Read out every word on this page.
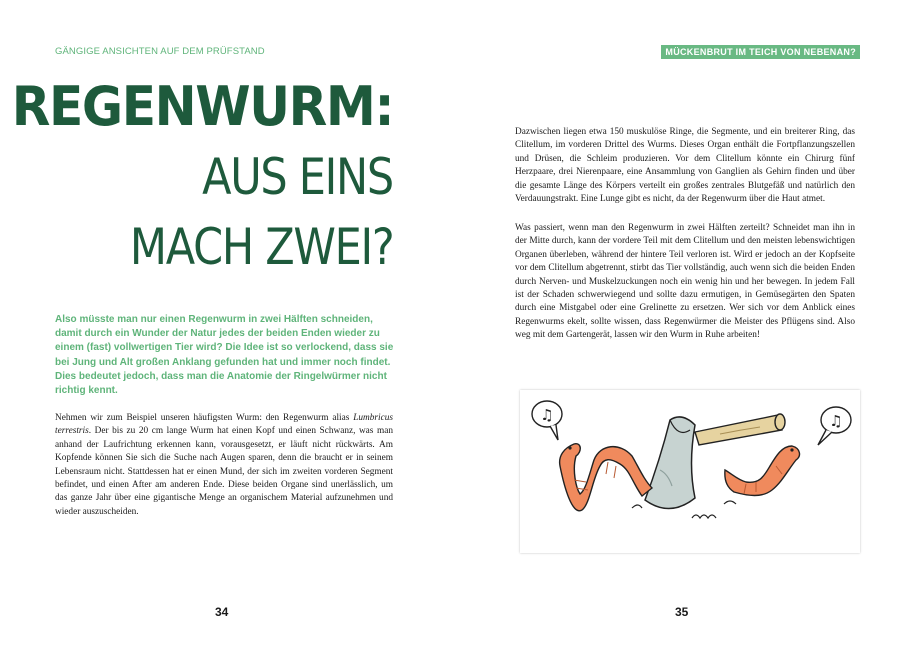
GÄNGIGE ANSICHTEN AUF DEM PRÜFSTAND
REGENWURM:
AUS EINS
MACH ZWEI?

Also müsste man nur einen Regenwurm in zwei Hälften schneiden, damit durch ein Wunder der Natur jedes der beiden Enden wieder zu einem (fast) vollwertigen Tier wird? Die Idee ist so verlockend, dass sie bei Jung und Alt großen Anklang gefunden hat und immer noch findet. Dies bedeutet jedoch, dass man die Anatomie der Ringelwürmer nicht richtig kennt.

Nehmen wir zum Beispiel unseren häufigsten Wurm: den Regenwurm alias Lumbricus terrestris. Der bis zu 20 cm lange Wurm hat einen Kopf und einen Schwanz, was man anhand der Laufrichtung erkennen kann, vorausgesetzt, er läuft nicht rückwärts. Am Kopfende können Sie sich die Suche nach Augen sparen, denn die braucht er in seinem Lebensraum nicht. Stattdessen hat er einen Mund, der sich im zweiten vorderen Segment befindet, und einen After am anderen Ende. Diese beiden Organe sind unerlässlich, um das ganze Jahr über eine gigantische Menge an organischem Material aufzunehmen und wieder auszuscheiden.

34
MÜCKENBRUT IM TEICH VON NEBENAN?

Dazwischen liegen etwa 150 muskulöse Ringe, die Segmente, und ein breiterer Ring, das Clitellum, im vorderen Drittel des Wurms. Dieses Organ enthält die Fortpflanzungszellen und Drüsen, die Schleim produzieren. Vor dem Clitellum könnte ein Chirurg fünf Herzpaare, drei Nierenpaare, eine Ansammlung von Ganglien als Gehirn finden und über die gesamte Länge des Körpers verteilt ein großes zentrales Blutgefäß und natürlich den Verdauungstrakt. Eine Lunge gibt es nicht, da der Regenwurm über die Haut atmet.

Was passiert, wenn man den Regenwurm in zwei Hälften zerteilt? Schneidet man ihn in der Mitte durch, kann der vordere Teil mit dem Clitellum und den meisten lebenswichtigen Organen überleben, während der hintere Teil verloren ist. Wird er jedoch an der Kopfseite vor dem Clitellum abgetrennt, stirbt das Tier vollständig, auch wenn sich die beiden Enden durch Nerven- und Muskelzuckungen noch ein wenig hin und her bewegen. In jedem Fall ist der Schaden schwerwiegend und sollte dazu ermutigen, in Gemüsegärten den Spaten durch eine Mistgabel oder eine Grelinette zu ersetzen. Wer sich vor dem Anblick eines Regenwurms ekelt, sollte wissen, dass Regenwürmer die Meister des Pflügens sind. Also weg mit dem Gartengerät, lassen wir den Wurm in Ruhe arbeiten!

♫	♫
35
